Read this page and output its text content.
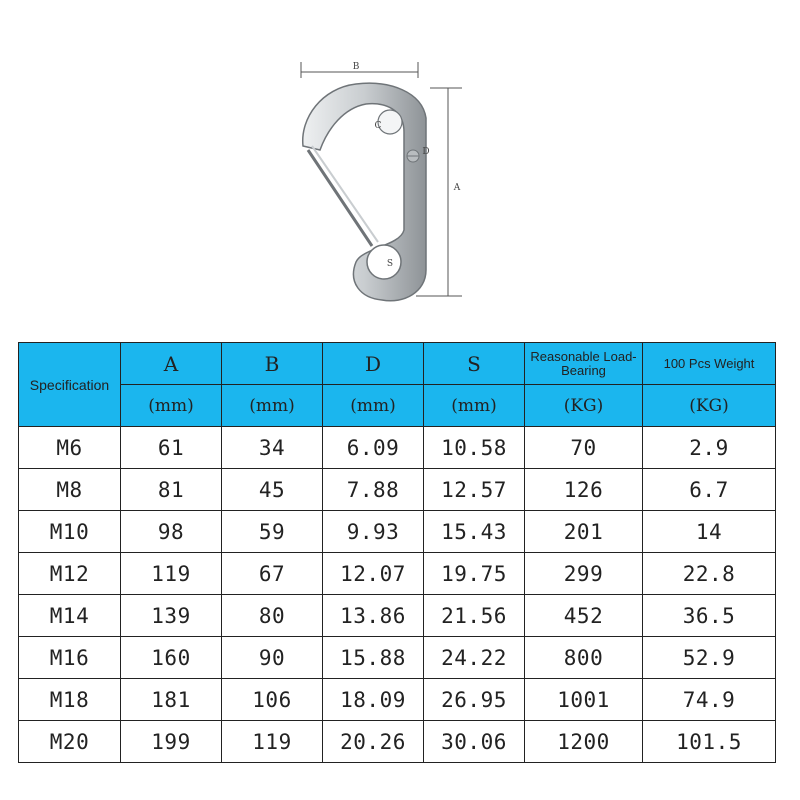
B
A
C
D
S
Specification	A	B	D	S	Reasonable Load-Bearing	100 Pcs Weight
	(mm)	(mm)	(mm)	(mm)	(KG)	(KG)
M6	61	34	6.09	10.58	70	2.9
M8	81	45	7.88	12.57	126	6.7
M10	98	59	9.93	15.43	201	14
M12	119	67	12.07	19.75	299	22.8
M14	139	80	13.86	21.56	452	36.5
M16	160	90	15.88	24.22	800	52.9
M18	181	106	18.09	26.95	1001	74.9
M20	199	119	20.26	30.06	1200	101.5
